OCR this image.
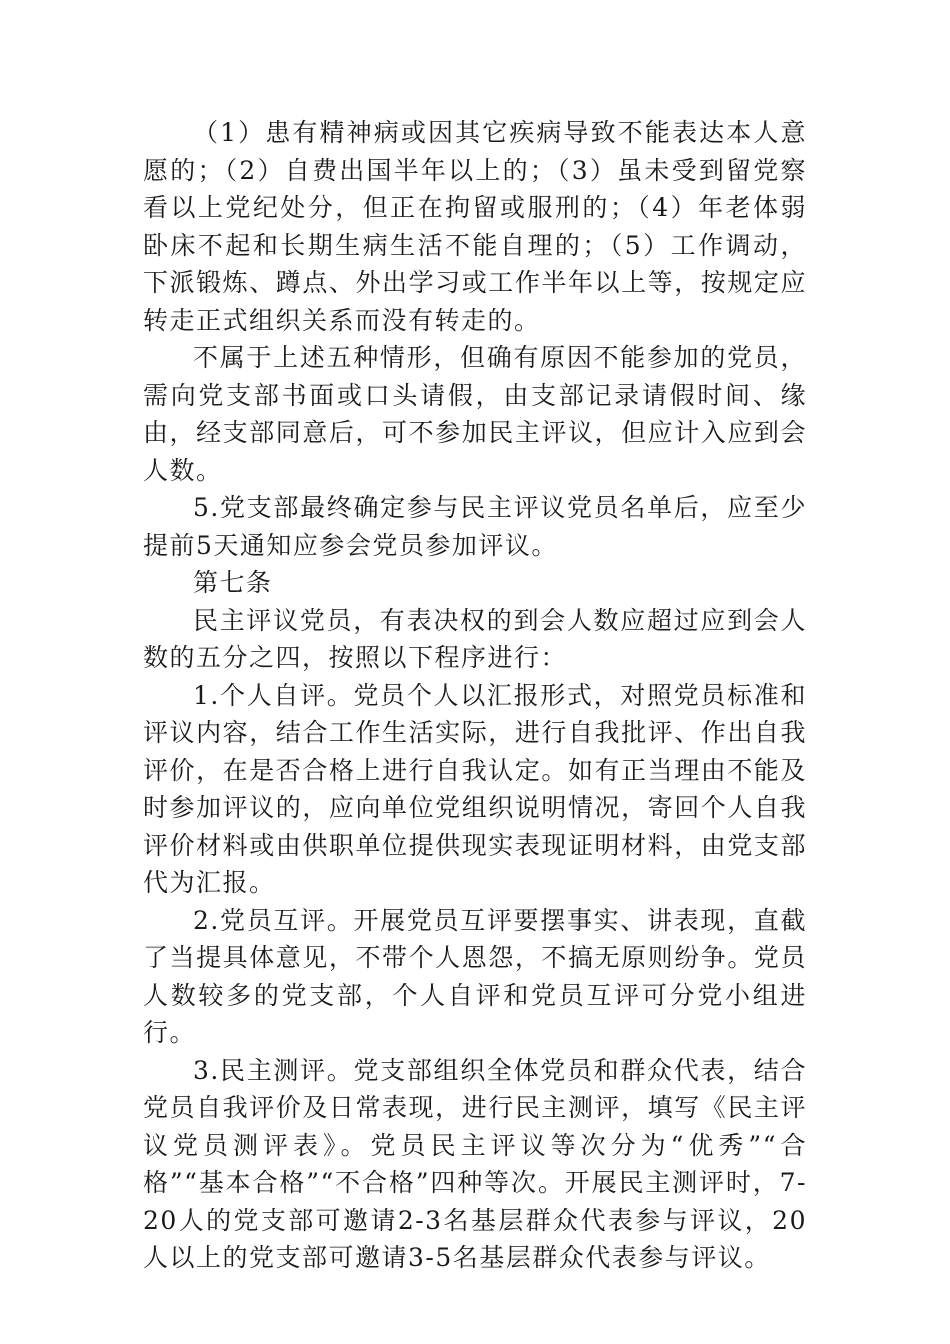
（1）患有精神病或因其它疾病导致不能表达本人意愿的；（2）自费出国半年以上的；（3）虽未受到留党察看以上党纪处分，但正在拘留或服刑的；（4）年老体弱卧床不起和长期生病生活不能自理的；（5）工作调动，下派锻炼、蹲点、外出学习或工作半年以上等，按规定应转走正式组织关系而没有转走的。

不属于上述五种情形，但确有原因不能参加的党员，需向党支部书面或口头请假，由支部记录请假时间、缘由，经支部同意后，可不参加民主评议，但应计入应到会人数。

5.党支部最终确定参与民主评议党员名单后，应至少提前5天通知应参会党员参加评议。

第七条

民主评议党员，有表决权的到会人数应超过应到会人数的五分之四，按照以下程序进行：

1.个人自评。党员个人以汇报形式，对照党员标准和评议内容，结合工作生活实际，进行自我批评、作出自我评价，在是否合格上进行自我认定。如有正当理由不能及时参加评议的，应向单位党组织说明情况，寄回个人自我评价材料或由供职单位提供现实表现证明材料，由党支部代为汇报。

2.党员互评。开展党员互评要摆事实、讲表现，直截了当提具体意见，不带个人恩怨，不搞无原则纷争。党员人数较多的党支部，个人自评和党员互评可分党小组进行。

3.民主测评。党支部组织全体党员和群众代表，结合党员自我评价及日常表现，进行民主测评，填写《民主评议党员测评表》。党员民主评议等次分为“优秀”“合格”“基本合格”“不合格”四种等次。开展民主测评时，7-20人的党支部可邀请2-3名基层群众代表参与评议，20人以上的党支部可邀请3-5名基层群众代表参与评议。
